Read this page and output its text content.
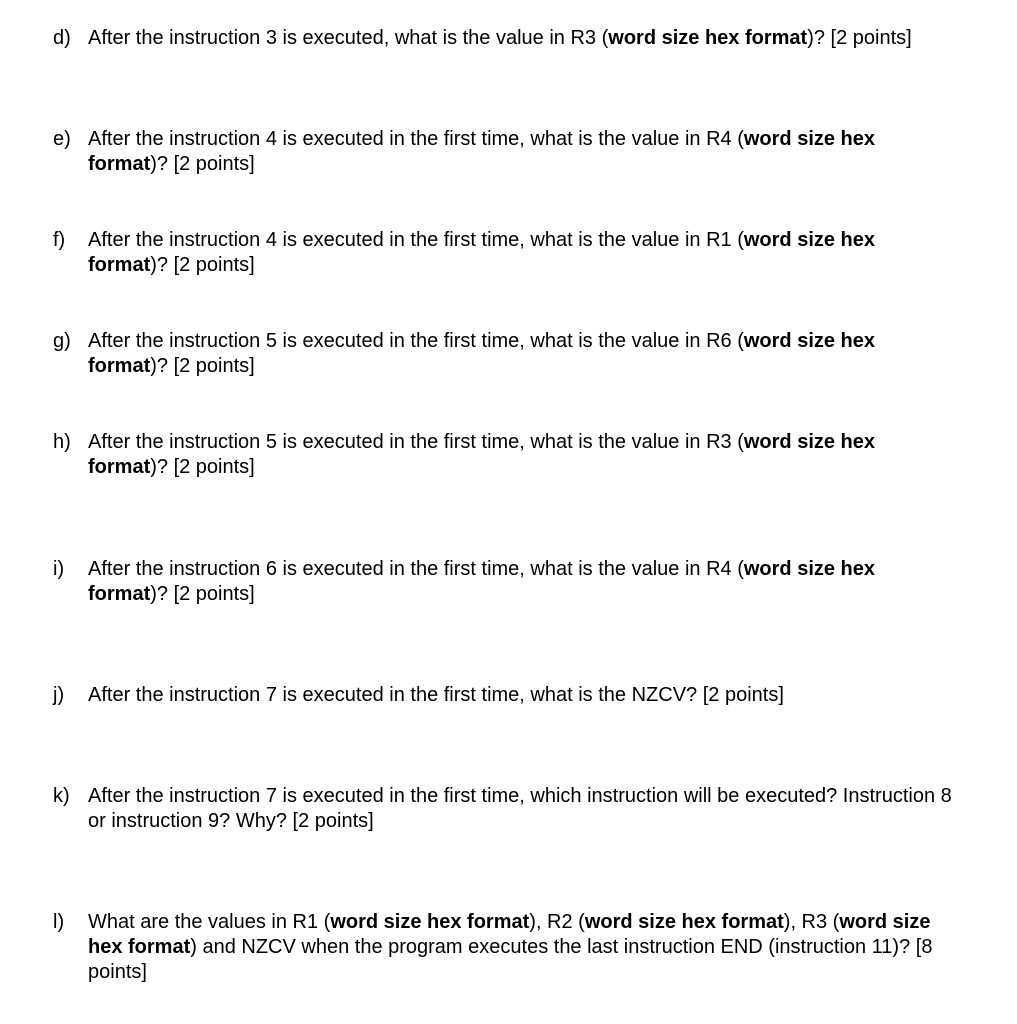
d) After the instruction 3 is executed, what is the value in R3 (word size hex format)? [2 points]
e) After the instruction 4 is executed in the first time, what is the value in R4 (word size hex format)? [2 points]
f) After the instruction 4 is executed in the first time, what is the value in R1 (word size hex format)? [2 points]
g) After the instruction 5 is executed in the first time, what is the value in R6 (word size hex format)? [2 points]
h) After the instruction 5 is executed in the first time, what is the value in R3 (word size hex format)? [2 points]
i) After the instruction 6 is executed in the first time, what is the value in R4 (word size hex format)? [2 points]
j) After the instruction 7 is executed in the first time, what is the NZCV? [2 points]
k) After the instruction 7 is executed in the first time, which instruction will be executed? Instruction 8 or instruction 9? Why? [2 points]
l) What are the values in R1 (word size hex format), R2 (word size hex format), R3 (word size hex format) and NZCV when the program executes the last instruction END (instruction 11)? [8 points]
